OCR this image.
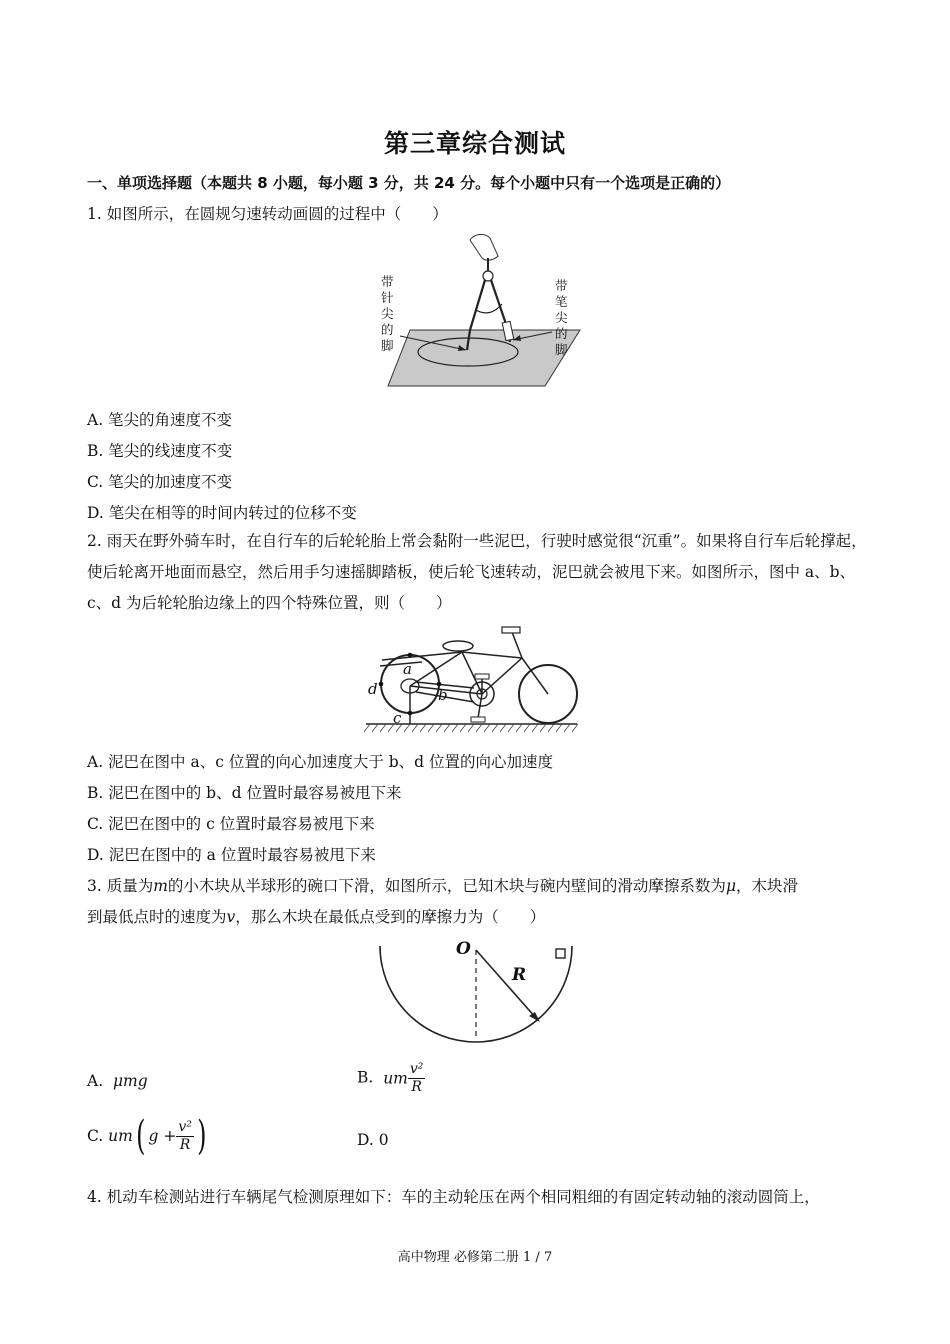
第三章综合测试
一、单项选择题（本题共 8 小题，每小题 3 分，共 24 分。每个小题中只有一个选项是正确的）
1. 如图所示，在圆规匀速转动画圆的过程中（　　）
带
针
尖
的
脚
带
笔
尖
的
脚
A. 笔尖的角速度不变
B. 笔尖的线速度不变
C. 笔尖的加速度不变
D. 笔尖在相等的时间内转过的位移不变
2. 雨天在野外骑车时，在自行车的后轮轮胎上常会黏附一些泥巴，行驶时感觉很“沉重”。如果将自行车后轮撑起，使后轮离开地面而悬空，然后用手匀速摇脚踏板，使后轮飞速转动，泥巴就会被甩下来。如图所示，图中 a、b、c、d 为后轮轮胎边缘上的四个特殊位置，则（　　）
a
b
c
d
A. 泥巴在图中 a、c 位置的向心加速度大于 b、d 位置的向心加速度
B. 泥巴在图中的 b、d 位置时最容易被甩下来
C. 泥巴在图中的 c 位置时最容易被甩下来
D. 泥巴在图中的 a 位置时最容易被甩下来
3. 质量为m的小木块从半球形的碗口下滑，如图所示，已知木块与碗内壁间的滑动摩擦系数为μ，木块滑
到最低点时的速度为v，那么木块在最低点受到的摩擦力为（　　）
O
R
A. μmg	B. um $\frac{\text{v²}}{R}$
C. um( $g + \frac{\text{v²}}{R}$ )	D. 0
4. 机动车检测站进行车辆尾气检测原理如下：车的主动轮压在两个相同粗细的有固定转动轴的滚动圆筒上，
高中物理 必修第二册 1 / 7
